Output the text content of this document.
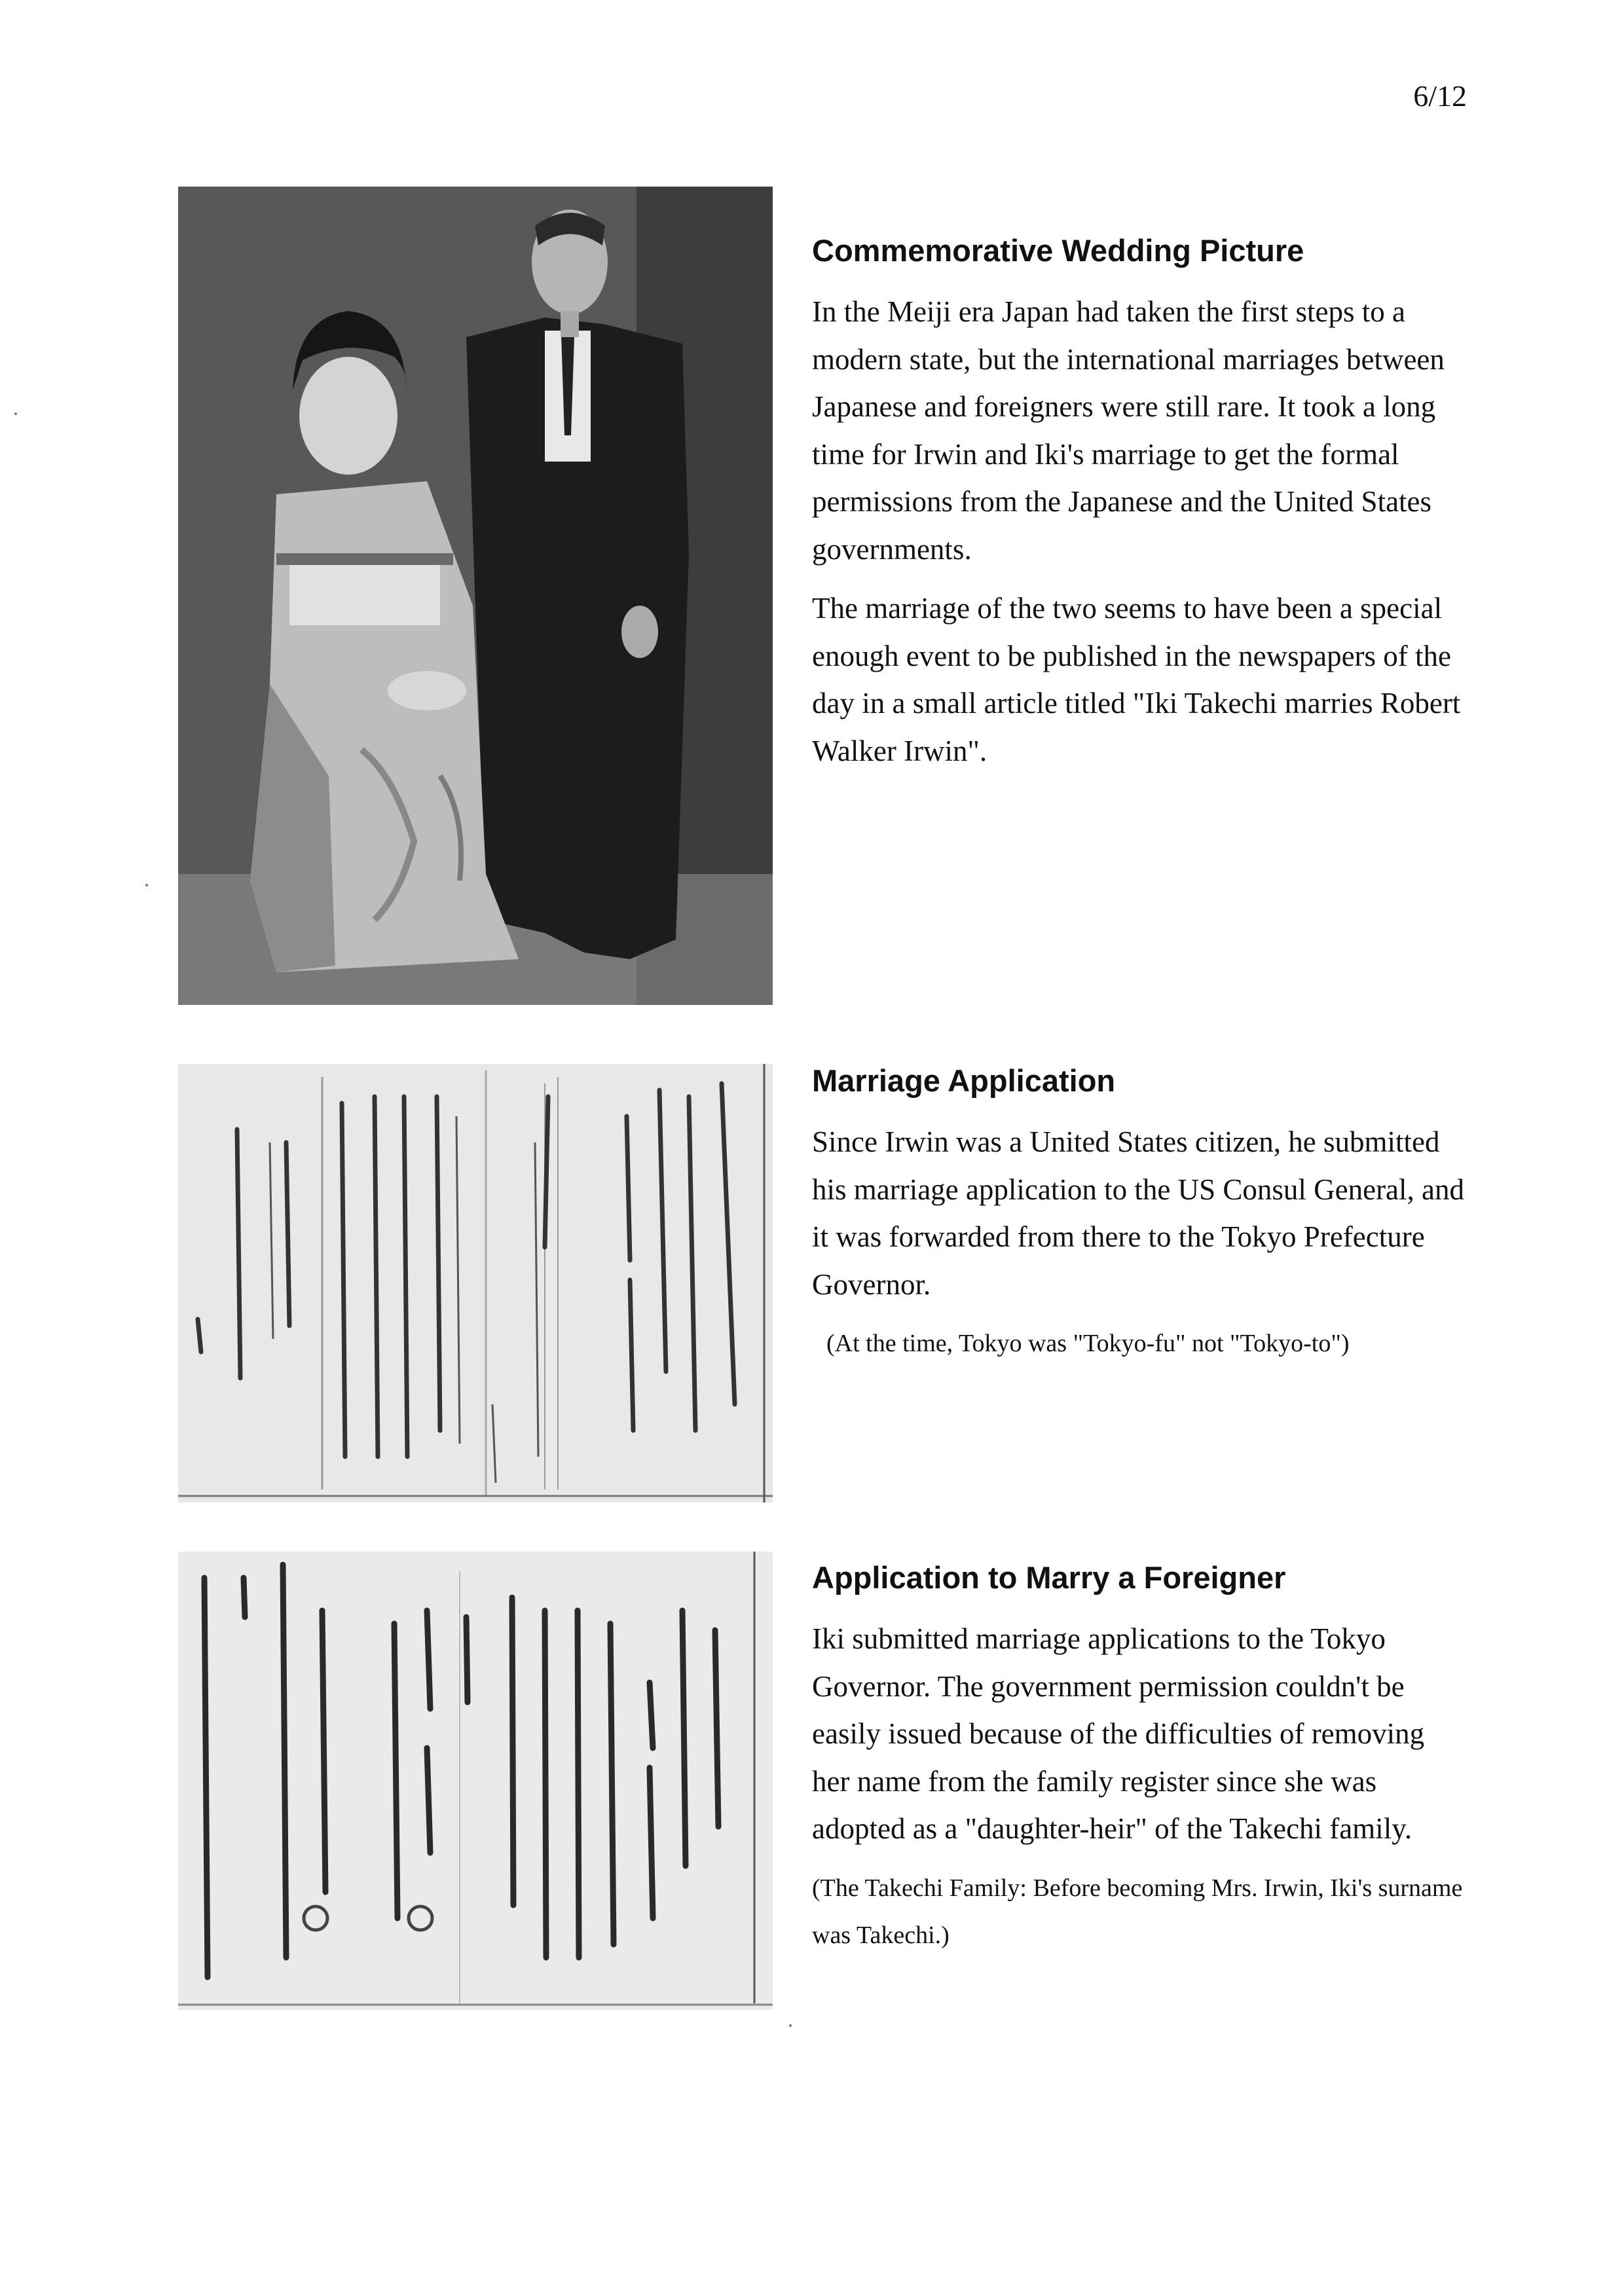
6/12
Commemorative Wedding Picture

In the Meiji era Japan had taken the first steps to a modern state, but the international marriages between Japanese and foreigners were still rare. It took a long time for Irwin and Iki's marriage to get the formal permissions from the Japanese and the United States governments.

The marriage of the two seems to have been a special enough event to be published in the newspapers of the day in a small article titled "Iki Takechi marries Robert Walker Irwin".

Marriage Application

Since Irwin was a United States citizen, he submitted his marriage application to the US Consul General, and it was forwarded from there to the Tokyo Prefecture Governor.

(At the time, Tokyo was "Tokyo-fu" not "Tokyo-to")

Application to Marry a Foreigner

Iki submitted marriage applications to the Tokyo Governor. The government permission couldn't be easily issued because of the difficulties of removing her name from the family register since she was adopted as a "daughter-heir" of the Takechi family.

(The Takechi Family: Before becoming Mrs. Irwin, Iki's surname was Takechi.)
